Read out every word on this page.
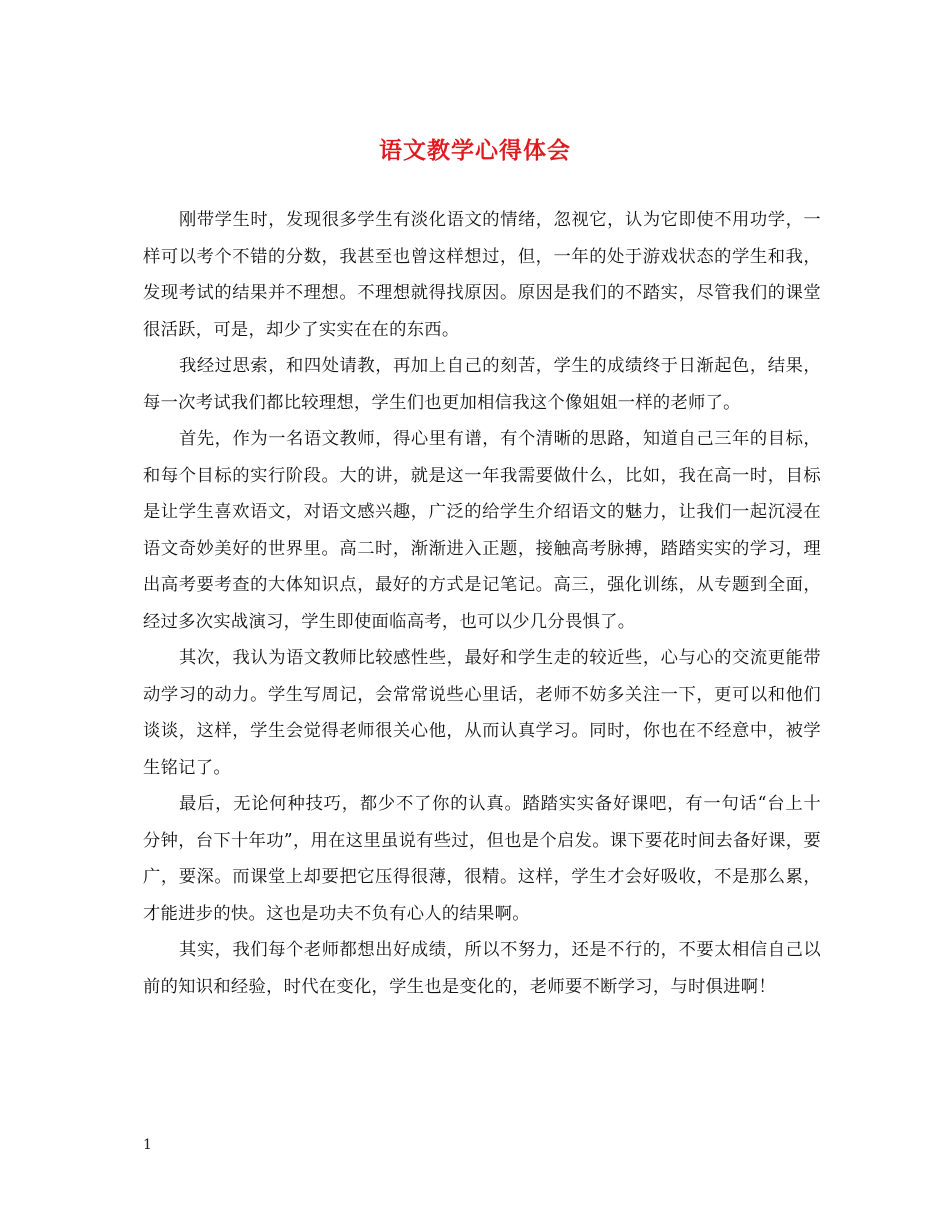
语文教学心得体会

刚带学生时，发现很多学生有淡化语文的情绪，忽视它，认为它即使不用功学，一样可以考个不错的分数，我甚至也曾这样想过，但，一年的处于游戏状态的学生和我，发现考试的结果并不理想。不理想就得找原因。原因是我们的不踏实，尽管我们的课堂很活跃，可是，却少了实实在在的东西。

我经过思索，和四处请教，再加上自己的刻苦，学生的成绩终于日渐起色，结果，每一次考试我们都比较理想，学生们也更加相信我这个像姐姐一样的老师了。

首先，作为一名语文教师，得心里有谱，有个清晰的思路，知道自己三年的目标，和每个目标的实行阶段。大的讲，就是这一年我需要做什么，比如，我在高一时，目标是让学生喜欢语文，对语文感兴趣，广泛的给学生介绍语文的魅力，让我们一起沉浸在语文奇妙美好的世界里。高二时，渐渐进入正题，接触高考脉搏，踏踏实实的学习，理出高考要考查的大体知识点，最好的方式是记笔记。高三，强化训练，从专题到全面，经过多次实战演习，学生即使面临高考，也可以少几分畏惧了。

其次，我认为语文教师比较感性些，最好和学生走的较近些，心与心的交流更能带动学习的动力。学生写周记，会常常说些心里话，老师不妨多关注一下，更可以和他们谈谈，这样，学生会觉得老师很关心他，从而认真学习。同时，你也在不经意中，被学生铭记了。

最后，无论何种技巧，都少不了你的认真。踏踏实实备好课吧，有一句话“台上十分钟，台下十年功”，用在这里虽说有些过，但也是个启发。课下要花时间去备好课，要广，要深。而课堂上却要把它压得很薄，很精。这样，学生才会好吸收，不是那么累，才能进步的快。这也是功夫不负有心人的结果啊。

其实，我们每个老师都想出好成绩，所以不努力，还是不行的，不要太相信自己以前的知识和经验，时代在变化，学生也是变化的，老师要不断学习，与时俱进啊！

1
